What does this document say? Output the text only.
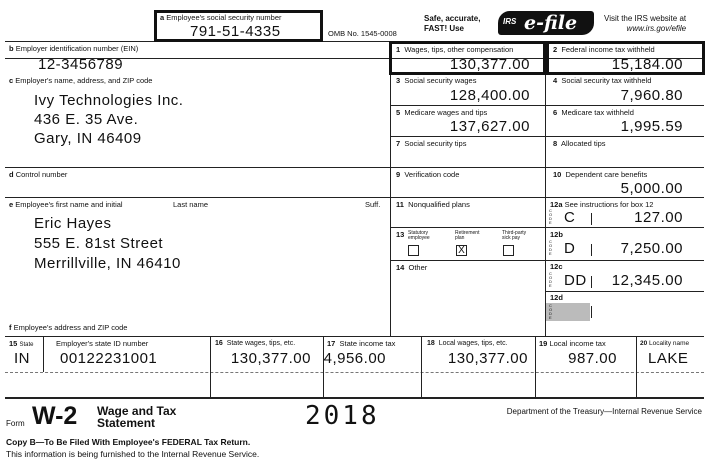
a Employee's social security number
791-51-4335	OMB No. 1545-0008
Safe, accurate,
FAST! Use
IRS e-file	Visit the IRS website at
www.irs.gov/efile
b Employer identification number (EIN)
12-3456789
c Employer's name, address, and ZIP code
Ivy Technologies Inc.
436 E. 35 Ave.
Gary, IN 46409
d Control number
e Employee's first name and initial	Last name	Suff.
Eric Hayes
555 E. 81st Street
Merrillville, IN 46410
f Employee's address and ZIP code
1 Wages, tips, other compensation
130,377.00
2 Federal income tax withheld
15,184.00
3 Social security wages
128,400.00
4 Social security tax withheld
7,960.80
5 Medicare wages and tips
137,627.00
6 Medicare tax withheld
1,995.59
7 Social security tips	8 Allocated tips
9 Verification code	10 Dependent care benefits
5,000.00
11 Nonqualified plans
13 Statutory employee
Retirement plan
Third-party sick pay
X
14 Other
12a See instructions for box 12
C O D E C	127.00
12b
C O D E D	7,250.00
12c
C O D E DD 12,345.00
12d
C O D E
15 State	Employer's state ID number
IN 00122231001
16 State wages, tips, etc.
130,377.00
17 State income tax
4,956.00
18 Local wages, tips, etc.
130,377.00
19 Local income tax
987.00
20 Locality name
LAKE
Form W-2 Wage and Tax
Statement	2018	Department of the Treasury—Internal Revenue Service
Copy B—To Be Filed With Employee's FEDERAL Tax Return.
This information is being furnished to the Internal Revenue Service.
